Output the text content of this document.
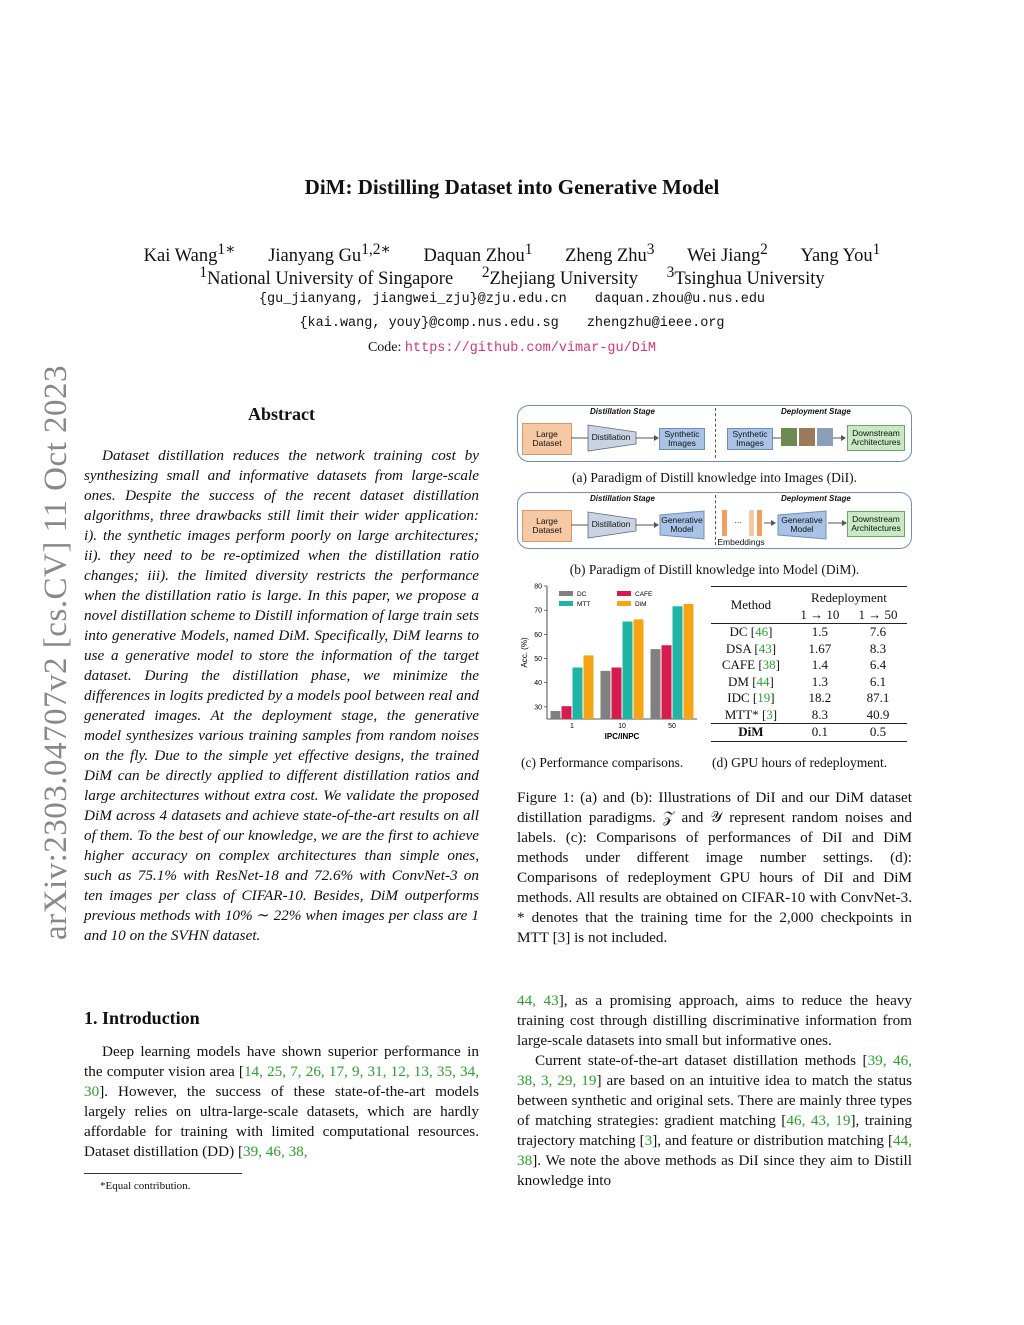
DiM: Distilling Dataset into Generative Model
Kai Wang$^{1∗}$ Jianyang $Gu^{1,2∗}$ Daquan Zhou$^1$ Zheng Zhu$^3$ Wei Jiang$^2$ Yang You$^1$
$^1$National University of Singapore $^2$Zhejiang University $^3$Tsinghua University
{gu_jianyang, jiangwei_zju}@zju.edu.cn daquan.zhou@u.nus.edu
{kai.wang, youy}@comp.nus.edu.sg zhengzhu@ieee.org
Code: https://github.com/vimar-gu/DiM
arXiv:2303.04707v2 [cs.CV] 11 Oct 2023	Abstract
Dataset distillation reduces the network training cost by synthesizing small and informative datasets from large-scale ones. Despite the success of the recent dataset distillation algorithms, three drawbacks still limit their wider application: i). the synthetic images perform poorly on large architectures; ii). they need to be re-optimized when the distillation ratio changes; iii). the limited diversity restricts the performance when the distillation ratio is large. In this paper, we propose a novel distillation scheme to Distill information of large train sets into generative Models, named DiM. Specifically, DiM learns to use a generative model to store the information of the target dataset. During the distillation phase, we minimize the differences in logits predicted by a models pool between real and generated images. At the deployment stage, the generative model synthesizes various training samples from random noises on the fly. Due to the simple yet effective designs, the trained DiM can be directly applied to different distillation ratios and large architectures without extra cost. We validate the proposed DiM across 4 datasets and achieve state-of-the-art results on all of them. To the best of our knowledge, we are the first to achieve higher accuracy on complex architectures than simple ones, such as 75.1% with ResNet-18 and 72.6% with ConvNet-3 on ten images per class of CIFAR-10. Besides, DiM outperforms previous methods with 10% ∼ 22% when images per class are 1 and 10 on the SVHN dataset.
1. Introduction
Deep learning models have shown superior performance in the computer vision area [14, 25, 7, 26, 17, 9, 31, 12, 13, 35, 34, 30]. However, the success of these state-of-the-art models largely relies on ultra-large-scale datasets, which are hardly affordable for training with limited computational resources. Dataset distillation (DD) [39, 46, 38,
*Equal contribution.
Distillation Stage	Deployment Stage
Large Dataset
Distillation	Synthetic Images
Synthetic Images
Downstream Architectures
(a) Paradigm of Distill knowledge into Images (DiI).
Distillation Stage	Deployment Stage
Large Dataset
Distillation	Generative Model
...
Embeddings
Generative Model
Downstream Architectures
(b) Paradigm of Distill knowledge into Model (DiM).
30
40
50
60
70
80
1	10	50
IPC/INPC
Acc. (%)
DC	CAFE
MTT	DiM
(c) Performance comparisons.
Method	Redeployment	
	1 → 10	1 → 50
DC [46]	1.5	7.6
DSA [43]	1.67	8.3
CAFE [38]	1.4	6.4
DM [44]	1.3	6.1
IDC [19]	18.2	87.1
MTT* [3]	8.3	40.9
DiM	0.1	0.5
(d) GPU hours of redeployment.
Figure 1: (a) and (b): Illustrations of DiI and our DiM dataset distillation paradigms. 𝒵 and 𝒴 represent random noises and labels. (c): Comparisons of performances of DiI and DiM methods under different image number settings. (d): Comparisons of redeployment GPU hours of DiI and DiM methods. All results are obtained on CIFAR-10 with ConvNet-3. * denotes that the training time for the 2,000 checkpoints in MTT [3] is not included.

44, 43], as a promising approach, aims to reduce the heavy training cost through distilling discriminative information from large-scale datasets into small but informative ones.

Current state-of-the-art dataset distillation methods [39, 46, 38, 3, 29, 19] are based on an intuitive idea to match the status between synthetic and original sets. There are mainly three types of matching strategies: gradient matching [46, 43, 19], training trajectory matching [3], and feature or distribution matching [44, 38]. We note the above methods as DiI since they aim to Distill knowledge into
